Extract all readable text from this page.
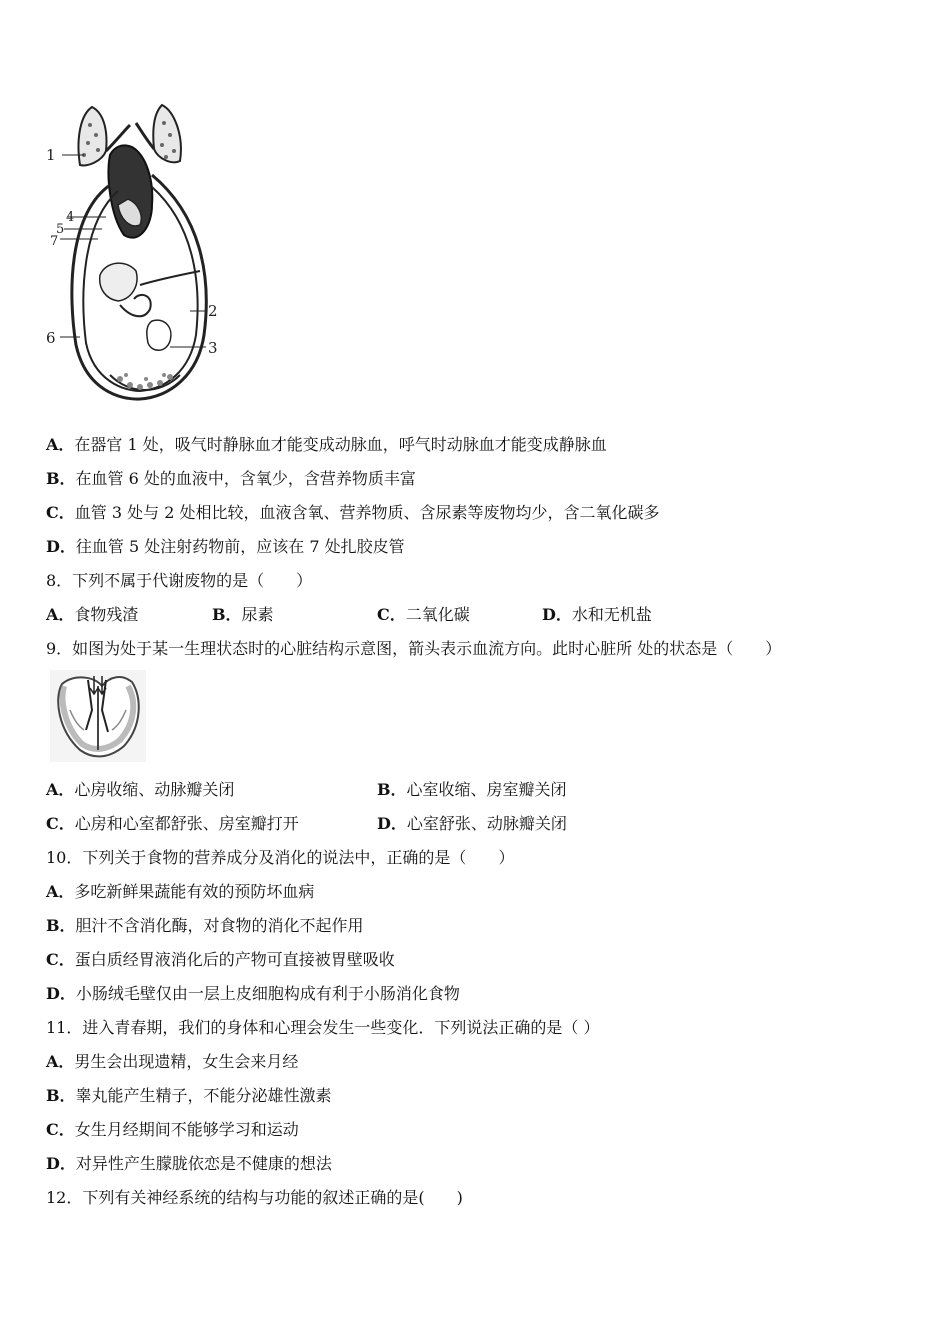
1
4
5
7
6
2
3
A．在器官 1 处，吸气时静脉血才能变成动脉血，呼气时动脉血才能变成静脉血
B．在血管 6 处的血液中，含氧少，含营养物质丰富
C．血管 3 处与 2 处相比较，血液含氧、营养物质、含尿素等废物均少，含二氧化碳多
D．往血管 5 处注射药物前，应该在 7 处扎胶皮管
8．下列不属于代谢废物的是（　　）
A．食物残渣	B．尿素	C．二氧化碳	D．水和无机盐
9．如图为处于某一生理状态时的心脏结构示意图，箭头表示血流方向。此时心脏所 处的状态是（　　）
A．心房收缩、动脉瓣关闭	B．心室收缩、房室瓣关闭
C．心房和心室都舒张、房室瓣打开	D．心室舒张、动脉瓣关闭
10．下列关于食物的营养成分及消化的说法中，正确的是（　　）
A．多吃新鲜果蔬能有效的预防坏血病
B．胆汁不含消化酶，对食物的消化不起作用
C．蛋白质经胃液消化后的产物可直接被胃壁吸收
D．小肠绒毛壁仅由一层上皮细胞构成有利于小肠消化食物
11．进入青春期，我们的身体和心理会发生一些变化．下列说法正确的是（ ）
A．男生会出现遗精，女生会来月经
B．睾丸能产生精子，不能分泌雄性激素
C．女生月经期间不能够学习和运动
D．对异性产生朦胧依恋是不健康的想法
12．下列有关神经系统的结构与功能的叙述正确的是(　　)
